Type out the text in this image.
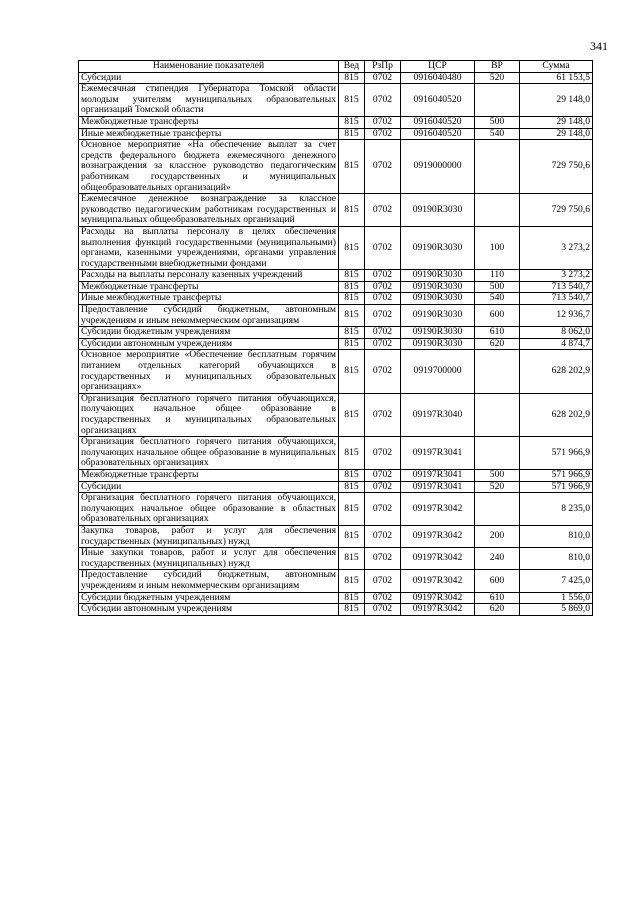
341
Наименование показателей	Вед	РзПр	ЦСР	ВР	Сумма
Субсидии	815	0702	0916040480	520	61 153,5
Ежемесячная стипендия Губернатора Томской области молодым учителям муниципальных образовательных организаций Томской области	815	0702	0916040520		29 148,0
Межбюджетные трансферты	815	0702	0916040520	500	29 148,0
Иные межбюджетные трансферты	815	0702	0916040520	540	29 148,0
Основное мероприятие «На обеспечение выплат за счет средств федерального бюджета ежемесячного денежного вознаграждения за классное руководство педагогическим работникам государственных и муниципальных общеобразовательных организаций»	815	0702	0919000000		729 750,6
Ежемесячное денежное вознаграждение за классное руководство педагогическим работникам государственных и муниципальных общеобразовательных организаций	815	0702	09190R3030		729 750,6
Расходы на выплаты персоналу в целях обеспечения выполнения функций государственными (муниципальными) органами, казенными учреждениями, органами управления государственными внебюджетными фондами	815	0702	09190R3030	100	3 273,2
Расходы на выплаты персоналу казенных учреждений	815	0702	09190R3030	110	3 273,2
Межбюджетные трансферты	815	0702	09190R3030	500	713 540,7
Иные межбюджетные трансферты	815	0702	09190R3030	540	713 540,7
Предоставление субсидий бюджетным, автономным учреждениям и иным некоммерческим организациям	815	0702	09190R3030	600	12 936,7
Субсидии бюджетным учреждениям	815	0702	09190R3030	610	8 062,0
Субсидии автономным учреждениям	815	0702	09190R3030	620	4 874,7
Основное мероприятие «Обеспечение бесплатным горячим питанием отдельных категорий обучающихся в государственных и муниципальных образовательных организациях»	815	0702	0919700000		628 202,9
Организация бесплатного горячего питания обучающихся, получающих начальное общее образование в государственных и муниципальных образовательных организациях	815	0702	09197R3040		628 202,9
Организация бесплатного горячего питания обучающихся, получающих начальное общее образование в муниципальных образовательных организациях	815	0702	09197R3041		571 966,9
Межбюджетные трансферты	815	0702	09197R3041	500	571 966,9
Субсидии	815	0702	09197R3041	520	571 966,9
Организация бесплатного горячего питания обучающихся, получающих начальное общее образование в областных образовательных организациях	815	0702	09197R3042		8 235,0
Закупка товаров, работ и услуг для обеспечения государственных (муниципальных) нужд	815	0702	09197R3042	200	810,0
Иные закупки товаров, работ и услуг для обеспечения государственных (муниципальных) нужд	815	0702	09197R3042	240	810,0
Предоставление субсидий бюджетным, автономным учреждениям и иным некоммерческим организациям	815	0702	09197R3042	600	7 425,0
Субсидии бюджетным учреждениям	815	0702	09197R3042	610	1 556,0
Субсидии автономным учреждениям	815	0702	09197R3042	620	5 869,0
